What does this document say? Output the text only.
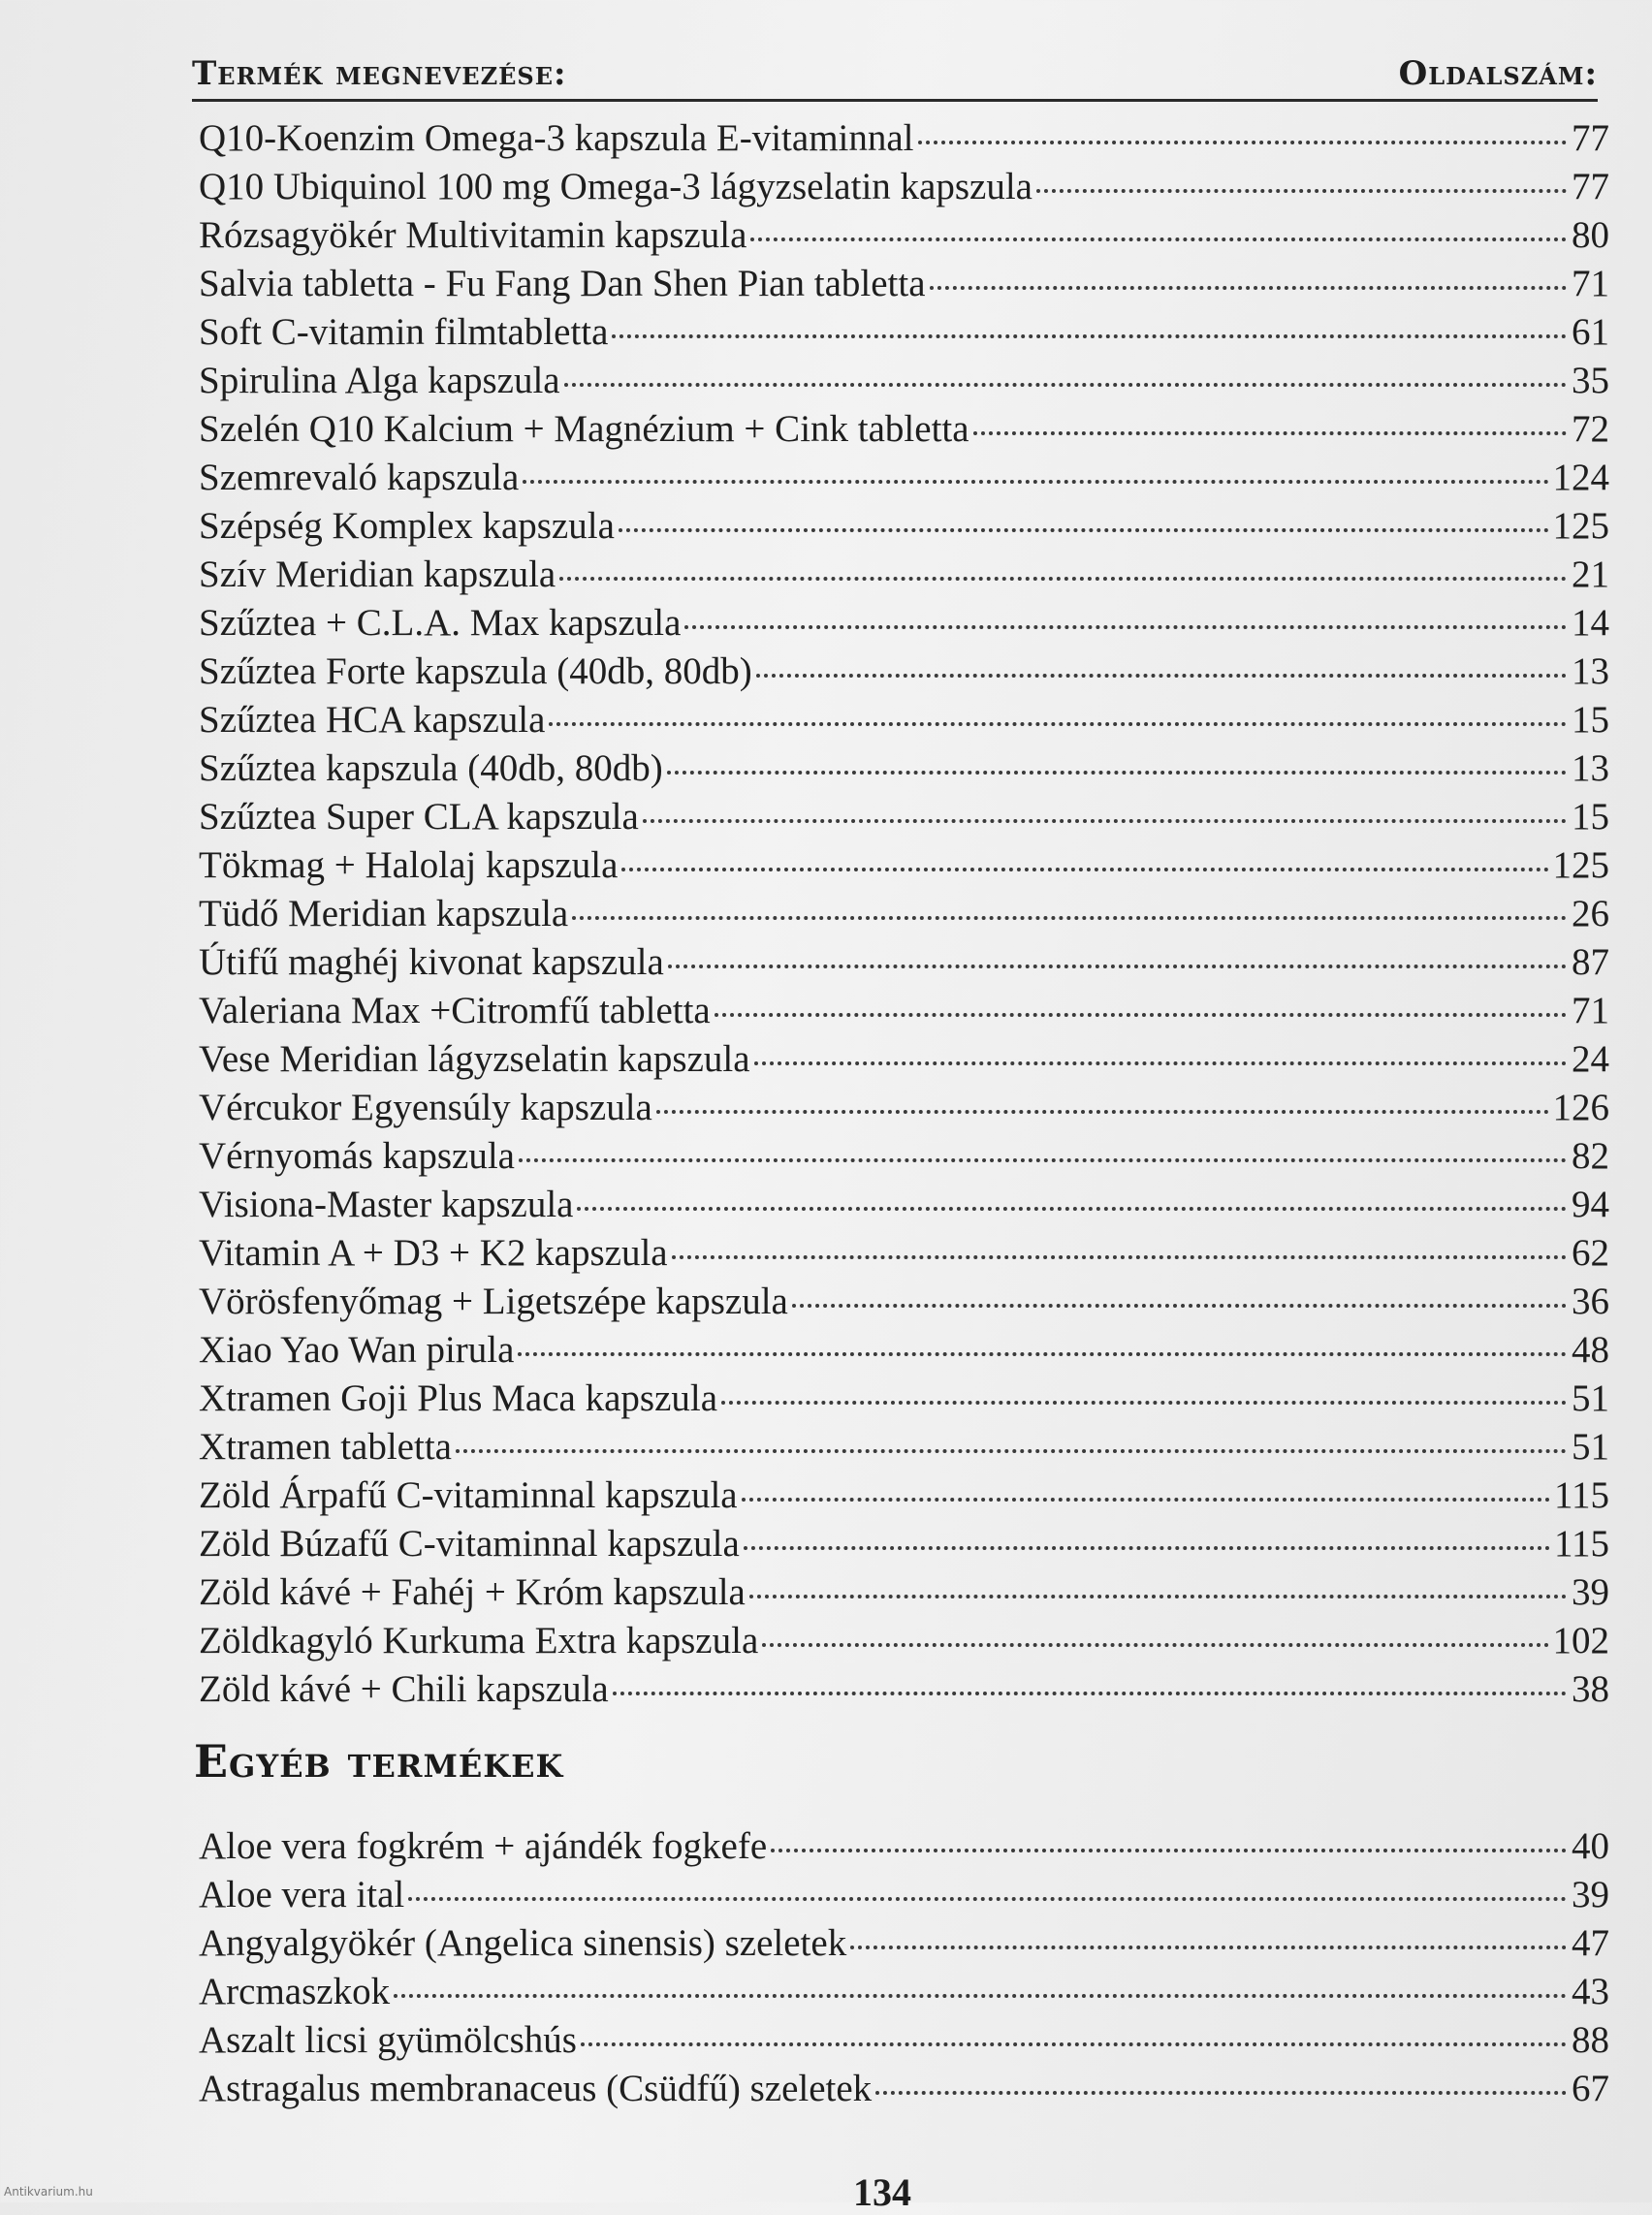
Termék megnevezése:	Oldalszám:
Q10-Koenzim Omega-3 kapszula E-vitaminnal	77
Q10 Ubiquinol 100 mg Omega-3 lágyzselatin kapszula	77
Rózsagyökér Multivitamin kapszula	80
Salvia tabletta - Fu Fang Dan Shen Pian tabletta	71
Soft C-vitamin filmtabletta	61
Spirulina Alga kapszula	35
Szelén Q10 Kalcium + Magnézium + Cink tabletta	72
Szemrevaló kapszula	124
Szépség Komplex kapszula	125
Szív Meridian kapszula	21
Szűztea + C.L.A. Max kapszula	14
Szűztea Forte kapszula (40db, 80db)	13
Szűztea HCA kapszula	15
Szűztea kapszula (40db, 80db)	13
Szűztea Super CLA kapszula	15
Tökmag + Halolaj kapszula	125
Tüdő Meridian kapszula	26
Útifű maghéj kivonat kapszula	87
Valeriana Max +Citromfű tabletta	71
Vese Meridian lágyzselatin kapszula	24
Vércukor Egyensúly kapszula	126
Vérnyomás kapszula	82
Visiona-Master kapszula	94
Vitamin A + D3 + K2 kapszula	62
Vörösfenyőmag + Ligetszépe kapszula	36
Xiao Yao Wan pirula	48
Xtramen Goji Plus Maca kapszula	51
Xtramen tabletta	51
Zöld Árpafű C-vitaminnal kapszula	115
Zöld Búzafű C-vitaminnal kapszula	115
Zöld kávé + Fahéj + Króm kapszula	39
Zöldkagyló Kurkuma Extra kapszula	102
Zöld kávé + Chili kapszula	38
Egyéb termékek
Aloe vera fogkrém + ajándék fogkefe	40
Aloe vera ital	39
Angyalgyökér (Angelica sinensis) szeletek	47
Arcmaszkok	43
Aszalt licsi gyümölcshús	88
Astragalus membranaceus (Csüdfű) szeletek	67
134
Antikvarium.hu
